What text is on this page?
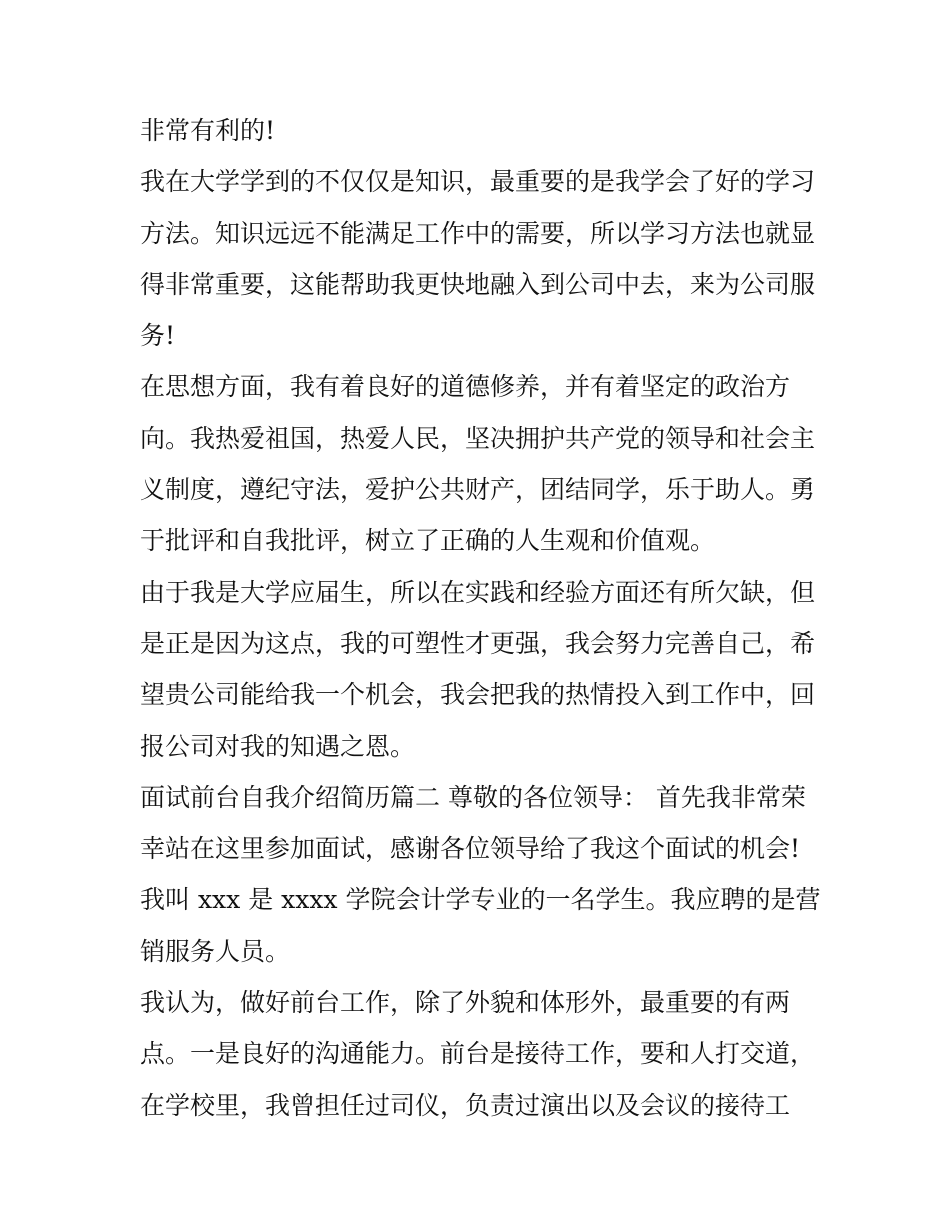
非常有利的!
我在大学学到的不仅仅是知识，最重要的是我学会了好的学习
方法。知识远远不能满足工作中的需要，所以学习方法也就显
得非常重要，这能帮助我更快地融入到公司中去，来为公司服
务!
在思想方面，我有着良好的道德修养，并有着坚定的政治方
向。我热爱祖国，热爱人民，坚决拥护共产党的领导和社会主
义制度，遵纪守法，爱护公共财产，团结同学，乐于助人。勇
于批评和自我批评，树立了正确的人生观和价值观。
由于我是大学应届生，所以在实践和经验方面还有所欠缺，但
是正是因为这点，我的可塑性才更强，我会努力完善自己，希
望贵公司能给我一个机会，我会把我的热情投入到工作中，回
报公司对我的知遇之恩。
面试前台自我介绍简历篇二 尊敬的各位领导： 首先我非常荣
幸站在这里参加面试，感谢各位领导给了我这个面试的机会!
我叫 xxx 是 xxxx 学院会计学专业的一名学生。我应聘的是营
销服务人员。
我认为，做好前台工作，除了外貌和体形外，最重要的有两
点。一是良好的沟通能力。前台是接待工作，要和人打交道，
在学校里，我曾担任过司仪，负责过演出以及会议的接待工
